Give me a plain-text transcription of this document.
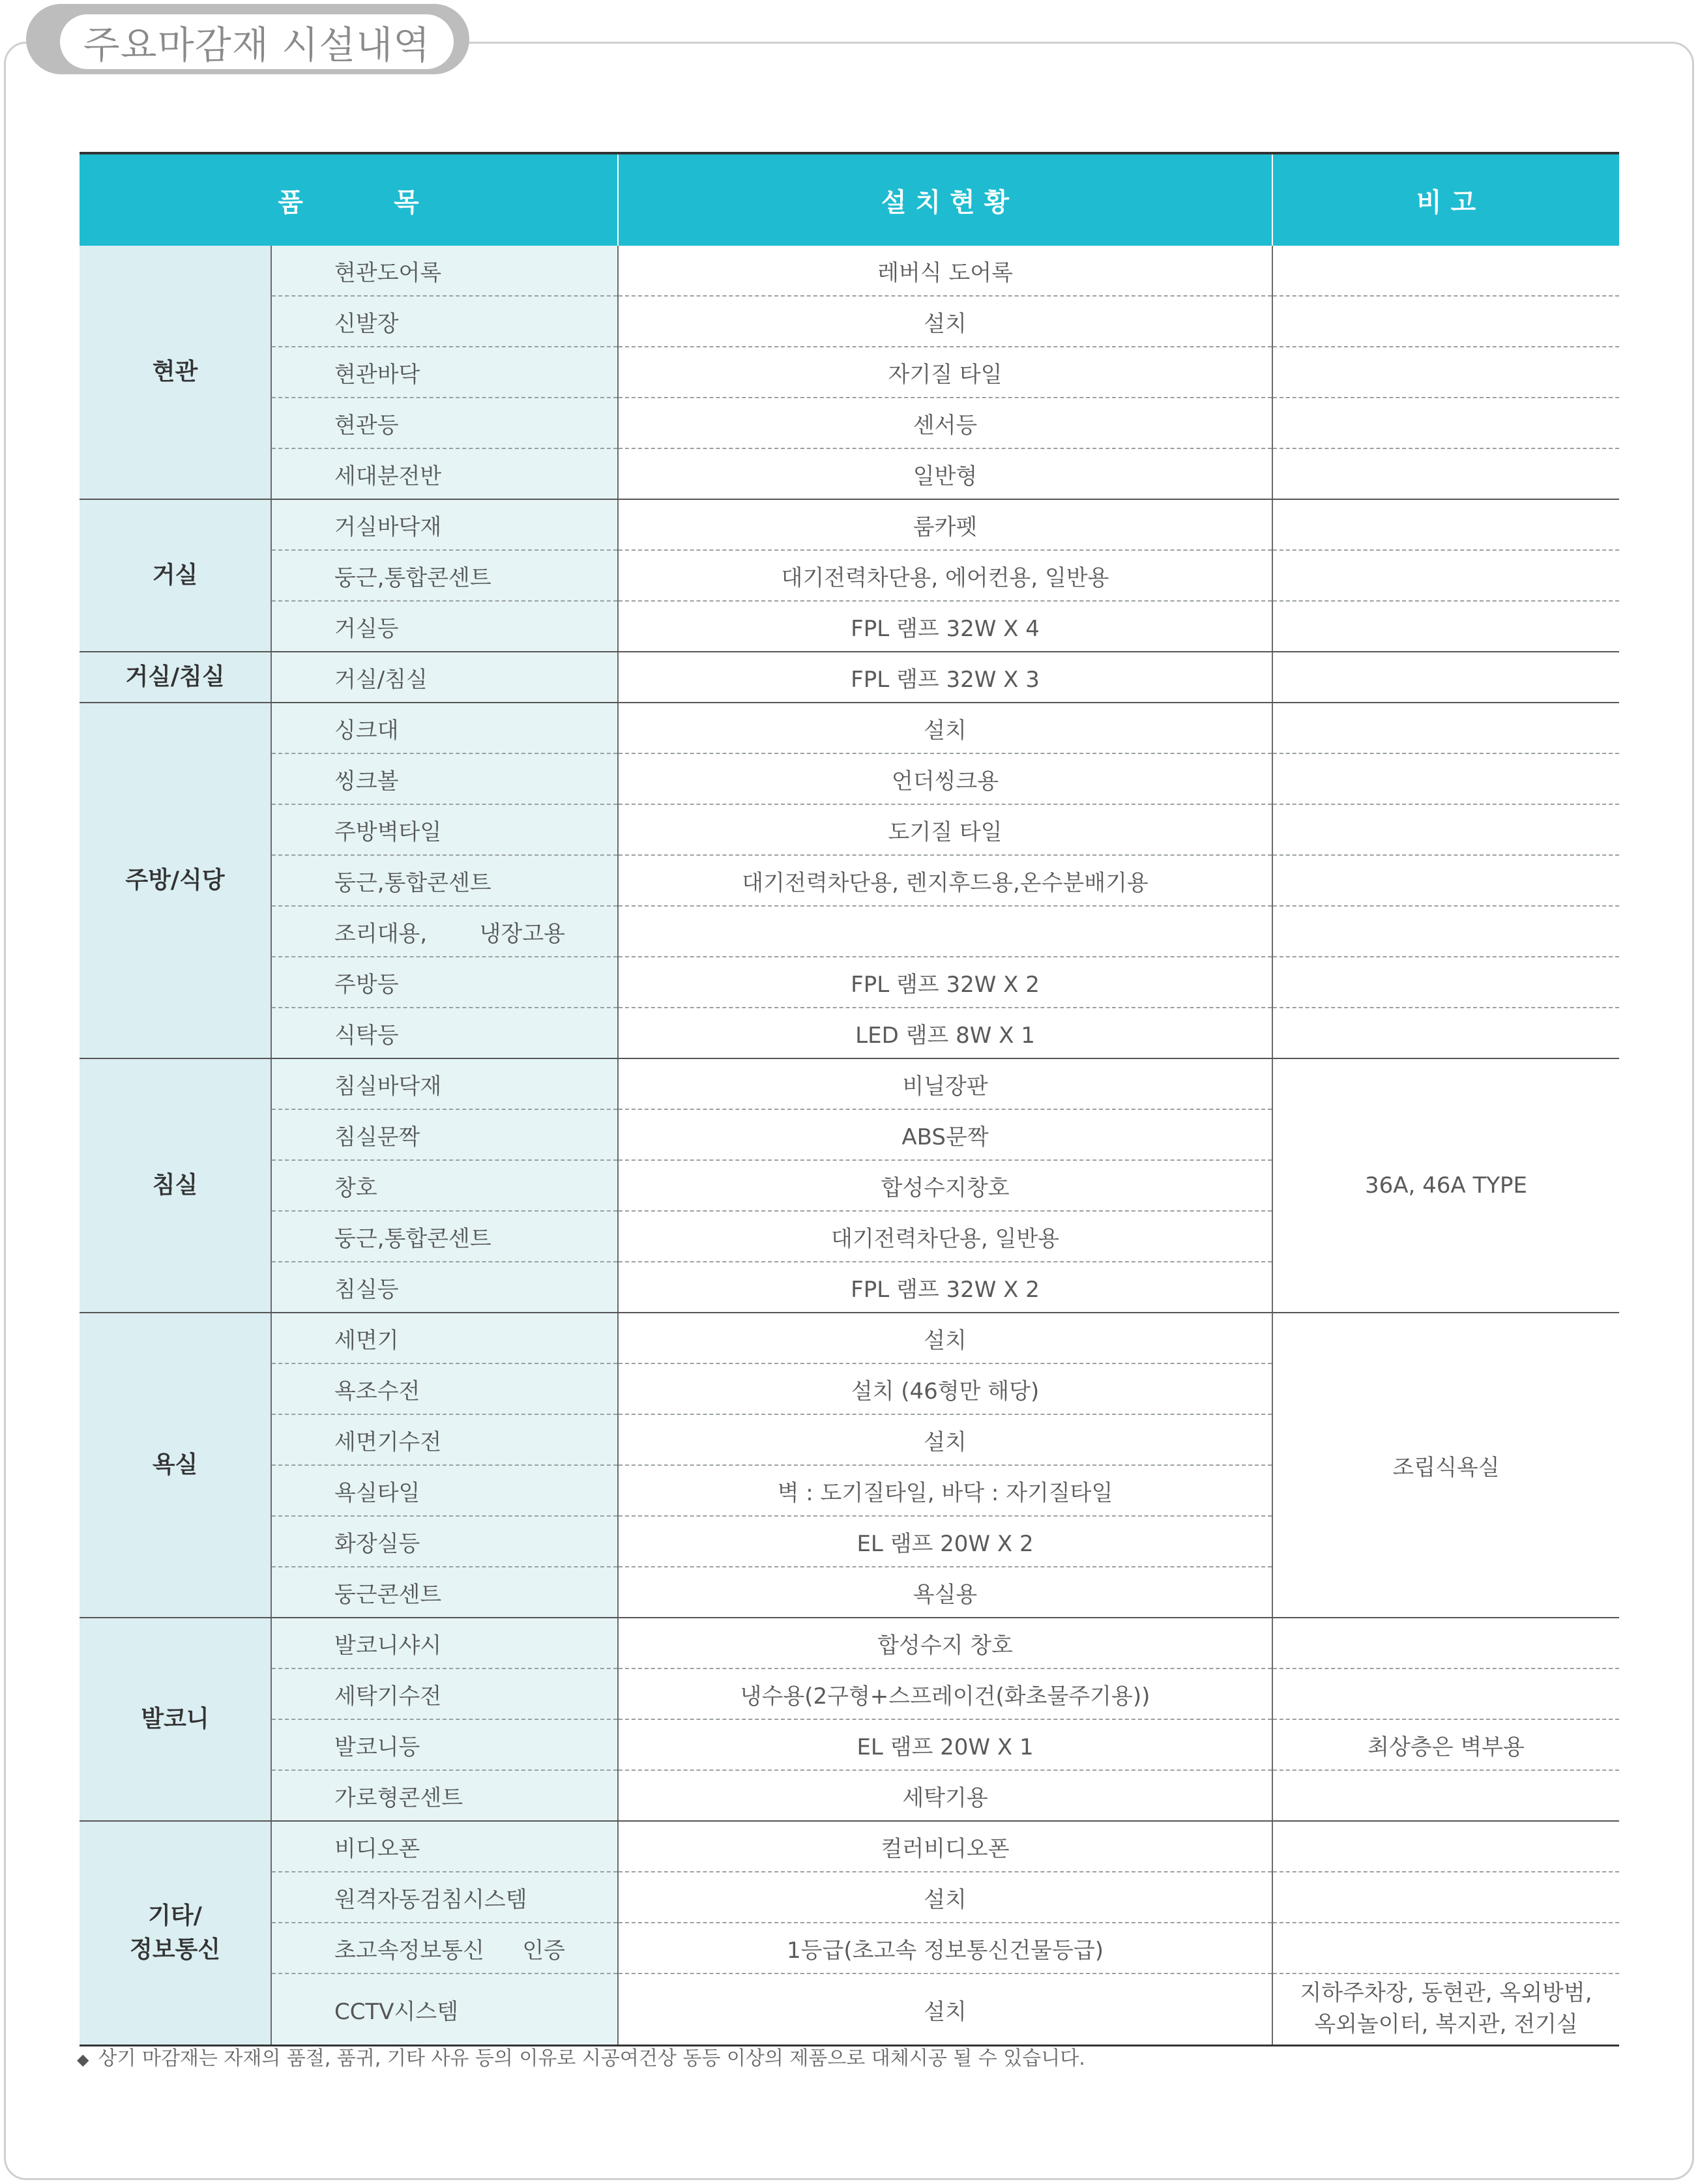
주요마감재 시설내역
품          목		설 치 현 황	비 고
현관	현관도어록	레버식 도어록	
	신발장	설치	
	현관바닥	자기질 타일	
	현관등	센서등	
	세대분전반	일반형	
거실	거실바닥재	룸카펫	
	둥근,통합콘센트	대기전력차단용, 에어컨용, 일반용	
	거실등	FPL 램프 32W X 4	
거실/침실	거실/침실	FPL 램프 32W X 3	
주방/식당	싱크대	설치	
	씽크볼	언더씽크용	
	주방벽타일	도기질 타일	
	둥근,통합콘센트	대기전력차단용, 렌지후드용,온수분배기용	
	조리대용, 냉장고용		
	주방등	FPL 램프 32W X 2	
	식탁등	LED 램프 8W X 1	
침실	침실바닥재	비닐장판	36A, 46A TYPE
	침실문짝	ABS문짝	
	창호	합성수지창호	
	둥근,통합콘센트	대기전력차단용, 일반용	
	침실등	FPL 램프 32W X 2	
욕실	세면기	설치	조립식욕실
	욕조수전	설치 (46형만 해당)	
	세면기수전	설치	
	욕실타일	벽 : 도기질타일, 바닥 : 자기질타일	
	화장실등	EL 램프 20W X 2	
	둥근콘센트	욕실용	
발코니	발코니샤시	합성수지 창호	
	세탁기수전	냉수용(2구형+스프레이건(화초물주기용))	
	발코니등	EL 램프 20W X 1	최상층은 벽부용
	가로형콘센트	세탁기용	

기타/
정보통신	비디오폰	컬러비디오폰	
	원격자동검침시스템	설치	
	초고속정보통신 인증	1등급(초고속 정보통신건물등급)	
	CCTV시스템	설치	지하주차장, 동현관, 옥외방범,
옥외놀이터, 복지관, 전기실
◆ 상기 마감재는 자재의 품절, 품귀, 기타 사유 등의 이유로 시공여건상 동등 이상의 제품으로 대체시공 될 수 있습니다.
